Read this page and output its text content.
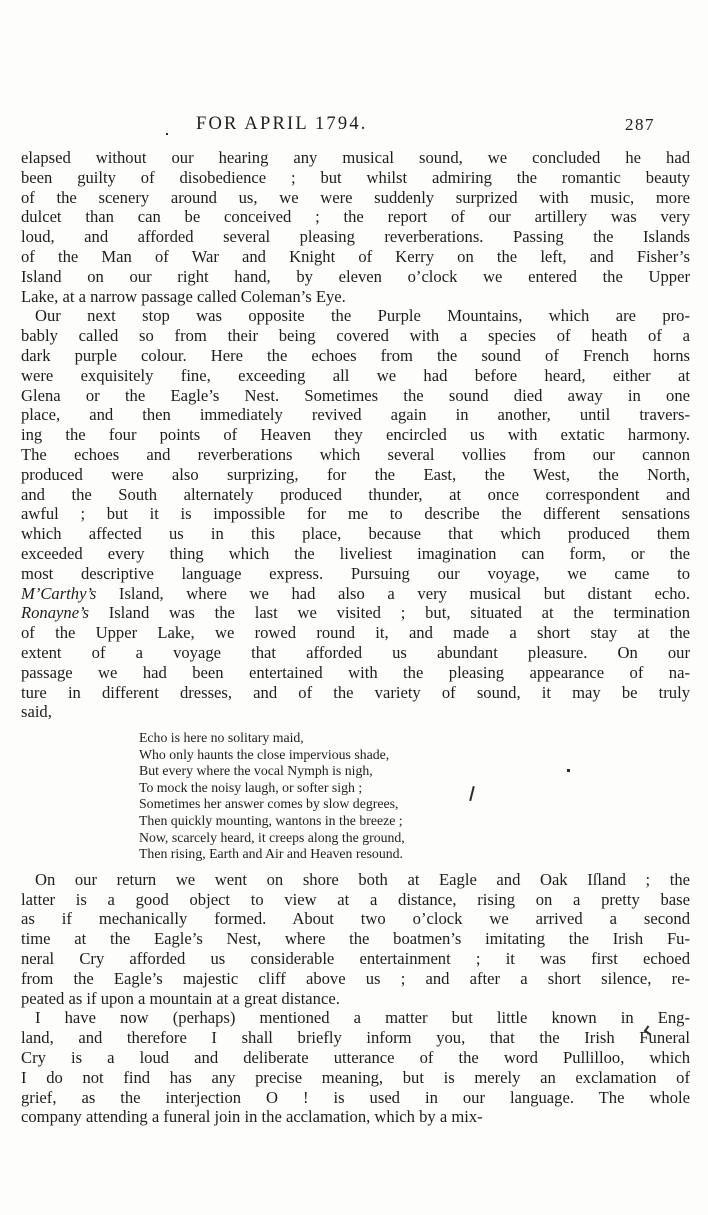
FOR APRIL 1794.	287
elapsed without our hearing any musical sound, we concluded he had
been guilty of disobedience ; but whilst admiring the romantic beauty
of the scenery around us, we were suddenly surprized with music, more
dulcet than can be conceived ; the report of our artillery was very
loud, and afforded several pleasing reverberations. Passing the Islands
of the Man of War and Knight of Kerry on the left, and Fisher’s
Island on our right hand, by eleven o’clock we entered the Upper
Lake, at a narrow passage called Coleman’s Eye.
Our next stop was opposite the Purple Mountains, which are pro-
bably called so from their being covered with a species of heath of a
dark purple colour. Here the echoes from the sound of French horns
were exquisitely fine, exceeding all we had before heard, either at
Glena or the Eagle’s Nest. Sometimes the sound died away in one
place, and then immediately revived again in another, until travers-
ing the four points of Heaven they encircled us with extatic harmony.
The echoes and reverberations which several vollies from our cannon
produced were also surprizing, for the East, the West, the North,
and the South alternately produced thunder, at once correspondent and
awful ; but it is impossible for me to describe the different sensations
which affected us in this place, because that which produced them
exceeded every thing which the liveliest imagination can form, or the
most descriptive language express. Pursuing our voyage, we came to
M’Carthy’s Island, where we had also a very musical but distant echo.
Ronayne’s Island was the last we visited ; but, situated at the termination
of the Upper Lake, we rowed round it, and made a short stay at the
extent of a voyage that afforded us abundant pleasure. On our
passage we had been entertained with the pleasing appearance of na-
ture in different dresses, and of the variety of sound, it may be truly
said,
Echo is here no solitary maid,
Who only haunts the close impervious shade,
But every where the vocal Nymph is nigh,
To mock the noisy laugh, or softer sigh ;
Sometimes her answer comes by slow degrees,
Then quickly mounting, wantons in the breeze ;
Now, scarcely heard, it creeps along the ground,
Then rising, Earth and Air and Heaven resound.
On our return we went on shore both at Eagle and Oak Iſland ; the
latter is a good object to view at a distance, rising on a pretty base
as if mechanically formed. About two o’clock we arrived a second
time at the Eagle’s Nest, where the boatmen’s imitating the Irish Fu-
neral Cry afforded us considerable entertainment ; it was first echoed
from the Eagle’s majestic cliff above us ; and after a short silence, re-
peated as if upon a mountain at a great distance.
I have now (perhaps) mentioned a matter but little known in Eng-
land, and therefore I shall briefly inform you, that the Irish Funeral
Cry is a loud and deliberate utterance of the word Pullilloo, which
I do not find has any precise meaning, but is merely an exclamation of
grief, as the interjection O ! is used in our language. The whole
company attending a funeral join in the acclamation, which by a mix-
